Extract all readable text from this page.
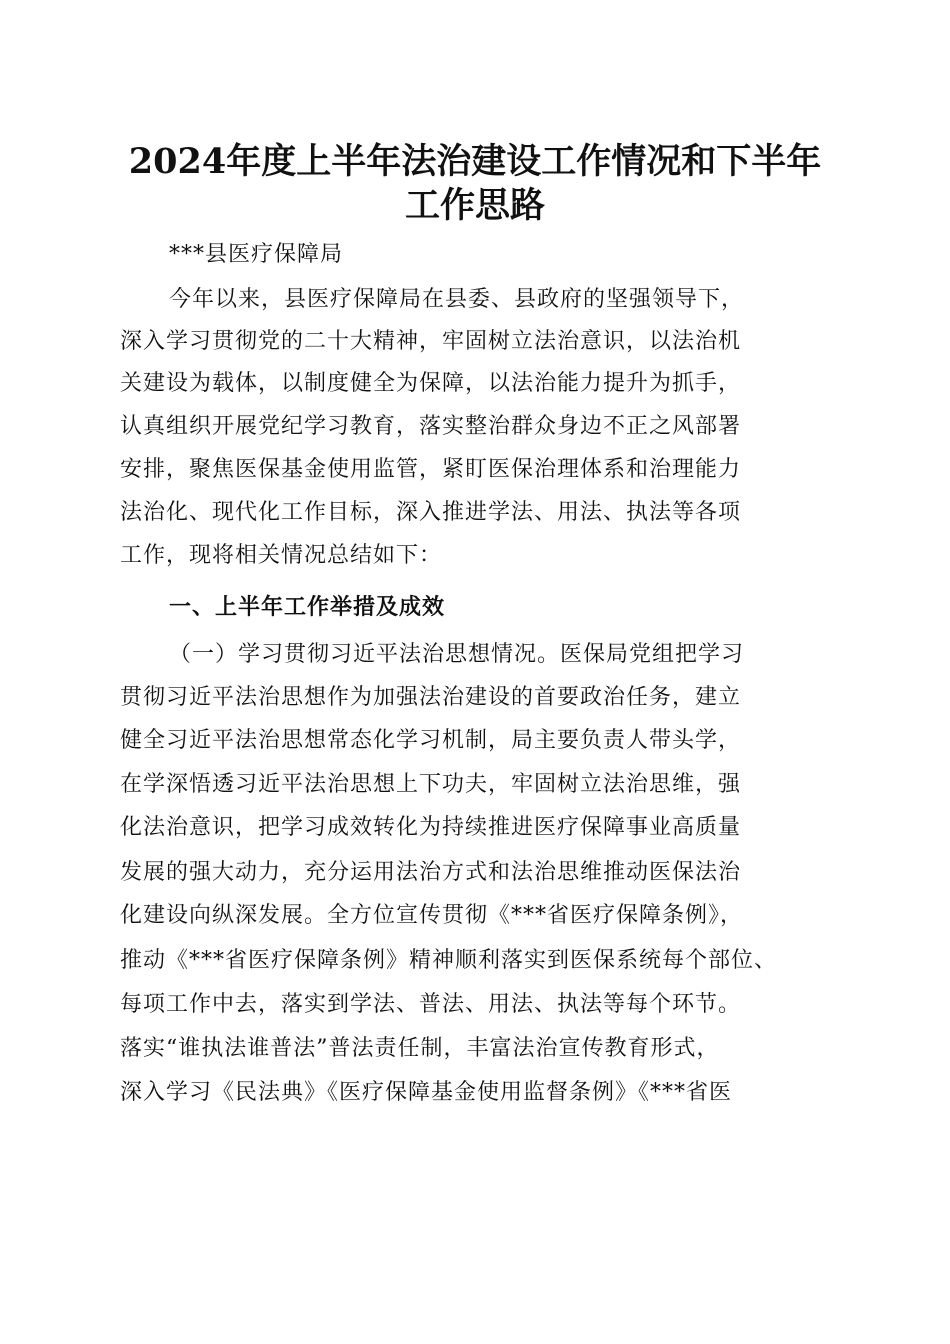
2024年度上半年法治建设工作情况和下半年
工作思路

***县医疗保障局

今年以来，县医疗保障局在县委、县政府的坚强领导下，

深入学习贯彻党的二十大精神，牢固树立法治意识，以法治机

关建设为载体，以制度健全为保障，以法治能力提升为抓手，

认真组织开展党纪学习教育，落实整治群众身边不正之风部署

安排，聚焦医保基金使用监管，紧盯医保治理体系和治理能力

法治化、现代化工作目标，深入推进学法、用法、执法等各项

工作，现将相关情况总结如下：

一、上半年工作举措及成效

（一）学习贯彻习近平法治思想情况。医保局党组把学习

贯彻习近平法治思想作为加强法治建设的首要政治任务，建立

健全习近平法治思想常态化学习机制，局主要负责人带头学，

在学深悟透习近平法治思想上下功夫，牢固树立法治思维，强

化法治意识，把学习成效转化为持续推进医疗保障事业高质量

发展的强大动力，充分运用法治方式和法治思维推动医保法治

化建设向纵深发展。全方位宣传贯彻《***省医疗保障条例》，

推动《***省医疗保障条例》精神顺利落实到医保系统每个部位、

每项工作中去，落实到学法、普法、用法、执法等每个环节。

落实“谁执法谁普法”普法责任制，丰富法治宣传教育形式，

深入学习《民法典》《医疗保障基金使用监督条例》《***省医
